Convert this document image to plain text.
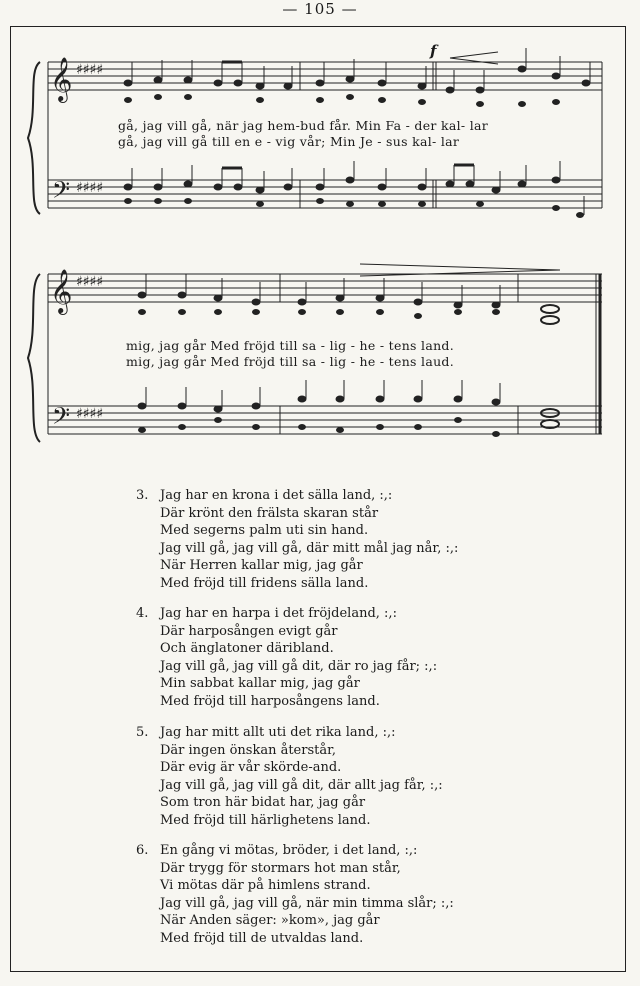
— 105 —
𝄞
𝄢
♯♯♯♯
♯♯♯♯
f
gå, jag vill gå, när jag hem-bud får. Min Fa - der kal- lar
gå, jag vill gå till en e - vig vår; Min Je - sus kal- lar
𝄞
𝄢
♯♯♯♯
♯♯♯♯
mig, jag går Med fröjd till sa - lig - he - tens land.
mig, jag går Med fröjd till sa - lig - he - tens laud.
3. Jag har en krona i det sälla land, :,:
Där krönt den frälsta skaran står
Med segerns palm uti sin hand.
Jag vill gå, jag vill gå, där mitt mål jag når, :,:
När Herren kallar mig, jag går
Med fröjd till fridens sälla land.
4. Jag har en harpa i det fröjdeland, :,:
Där harposången evigt går
Och änglatoner däribland.
Jag vill gå, jag vill gå dit, där ro jag får; :,:
Min sabbat kallar mig, jag går
Med fröjd till harposångens land.
5. Jag har mitt allt uti det rika land, :,:
Där ingen önskan återstår,
Där evig är vår skörde-and.
Jag vill gå, jag vill gå dit, där allt jag får, :,:
Som tron här bidat har, jag går
Med fröjd till härlighetens land.
6. En gång vi mötas, bröder, i det land, :,:
Där trygg för stormars hot man står,
Vi mötas där på himlens strand.
Jag vill gå, jag vill gå, när min timma slår; :,:
När Anden säger: »kom», jag går
Med fröjd till de utvaldas land.
